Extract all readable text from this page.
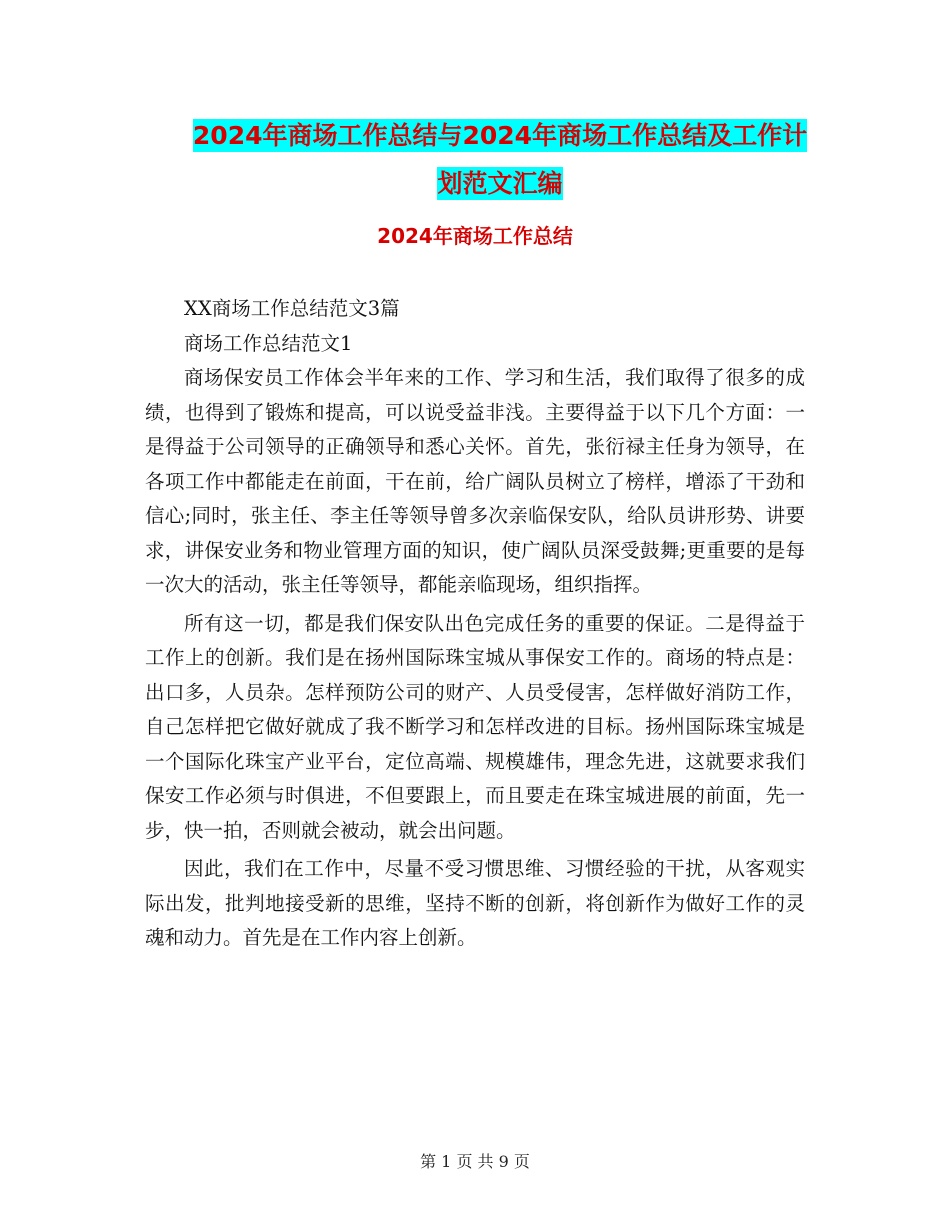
2024年商场工作总结与2024年商场工作总结及工作计
划范文汇编
2024年商场工作总结

XX商场工作总结范文3篇

商场工作总结范文1

商场保安员工作体会半年来的工作、学习和生活，我们取得了很多的成绩，也得到了锻炼和提高，可以说受益非浅。主要得益于以下几个方面：一是得益于公司领导的正确领导和悉心关怀。首先，张衍禄主任身为领导，在各项工作中都能走在前面，干在前，给广阔队员树立了榜样，增添了干劲和信心;同时，张主任、李主任等领导曾多次亲临保安队，给队员讲形势、讲要求，讲保安业务和物业管理方面的知识，使广阔队员深受鼓舞;更重要的是每一次大的活动，张主任等领导，都能亲临现场，组织指挥。

所有这一切，都是我们保安队出色完成任务的重要的保证。二是得益于工作上的创新。我们是在扬州国际珠宝城从事保安工作的。商场的特点是：出口多，人员杂。怎样预防公司的财产、人员受侵害，怎样做好消防工作，自己怎样把它做好就成了我不断学习和怎样改进的目标。扬州国际珠宝城是一个国际化珠宝产业平台，定位高端、规模雄伟，理念先进，这就要求我们保安工作必须与时俱进，不但要跟上，而且要走在珠宝城进展的前面，先一步，快一拍，否则就会被动，就会出问题。

因此，我们在工作中，尽量不受习惯思维、习惯经验的干扰，从客观实际出发，批判地接受新的思维，坚持不断的创新，将创新作为做好工作的灵魂和动力。首先是在工作内容上创新。

第 1 页 共 9 页
